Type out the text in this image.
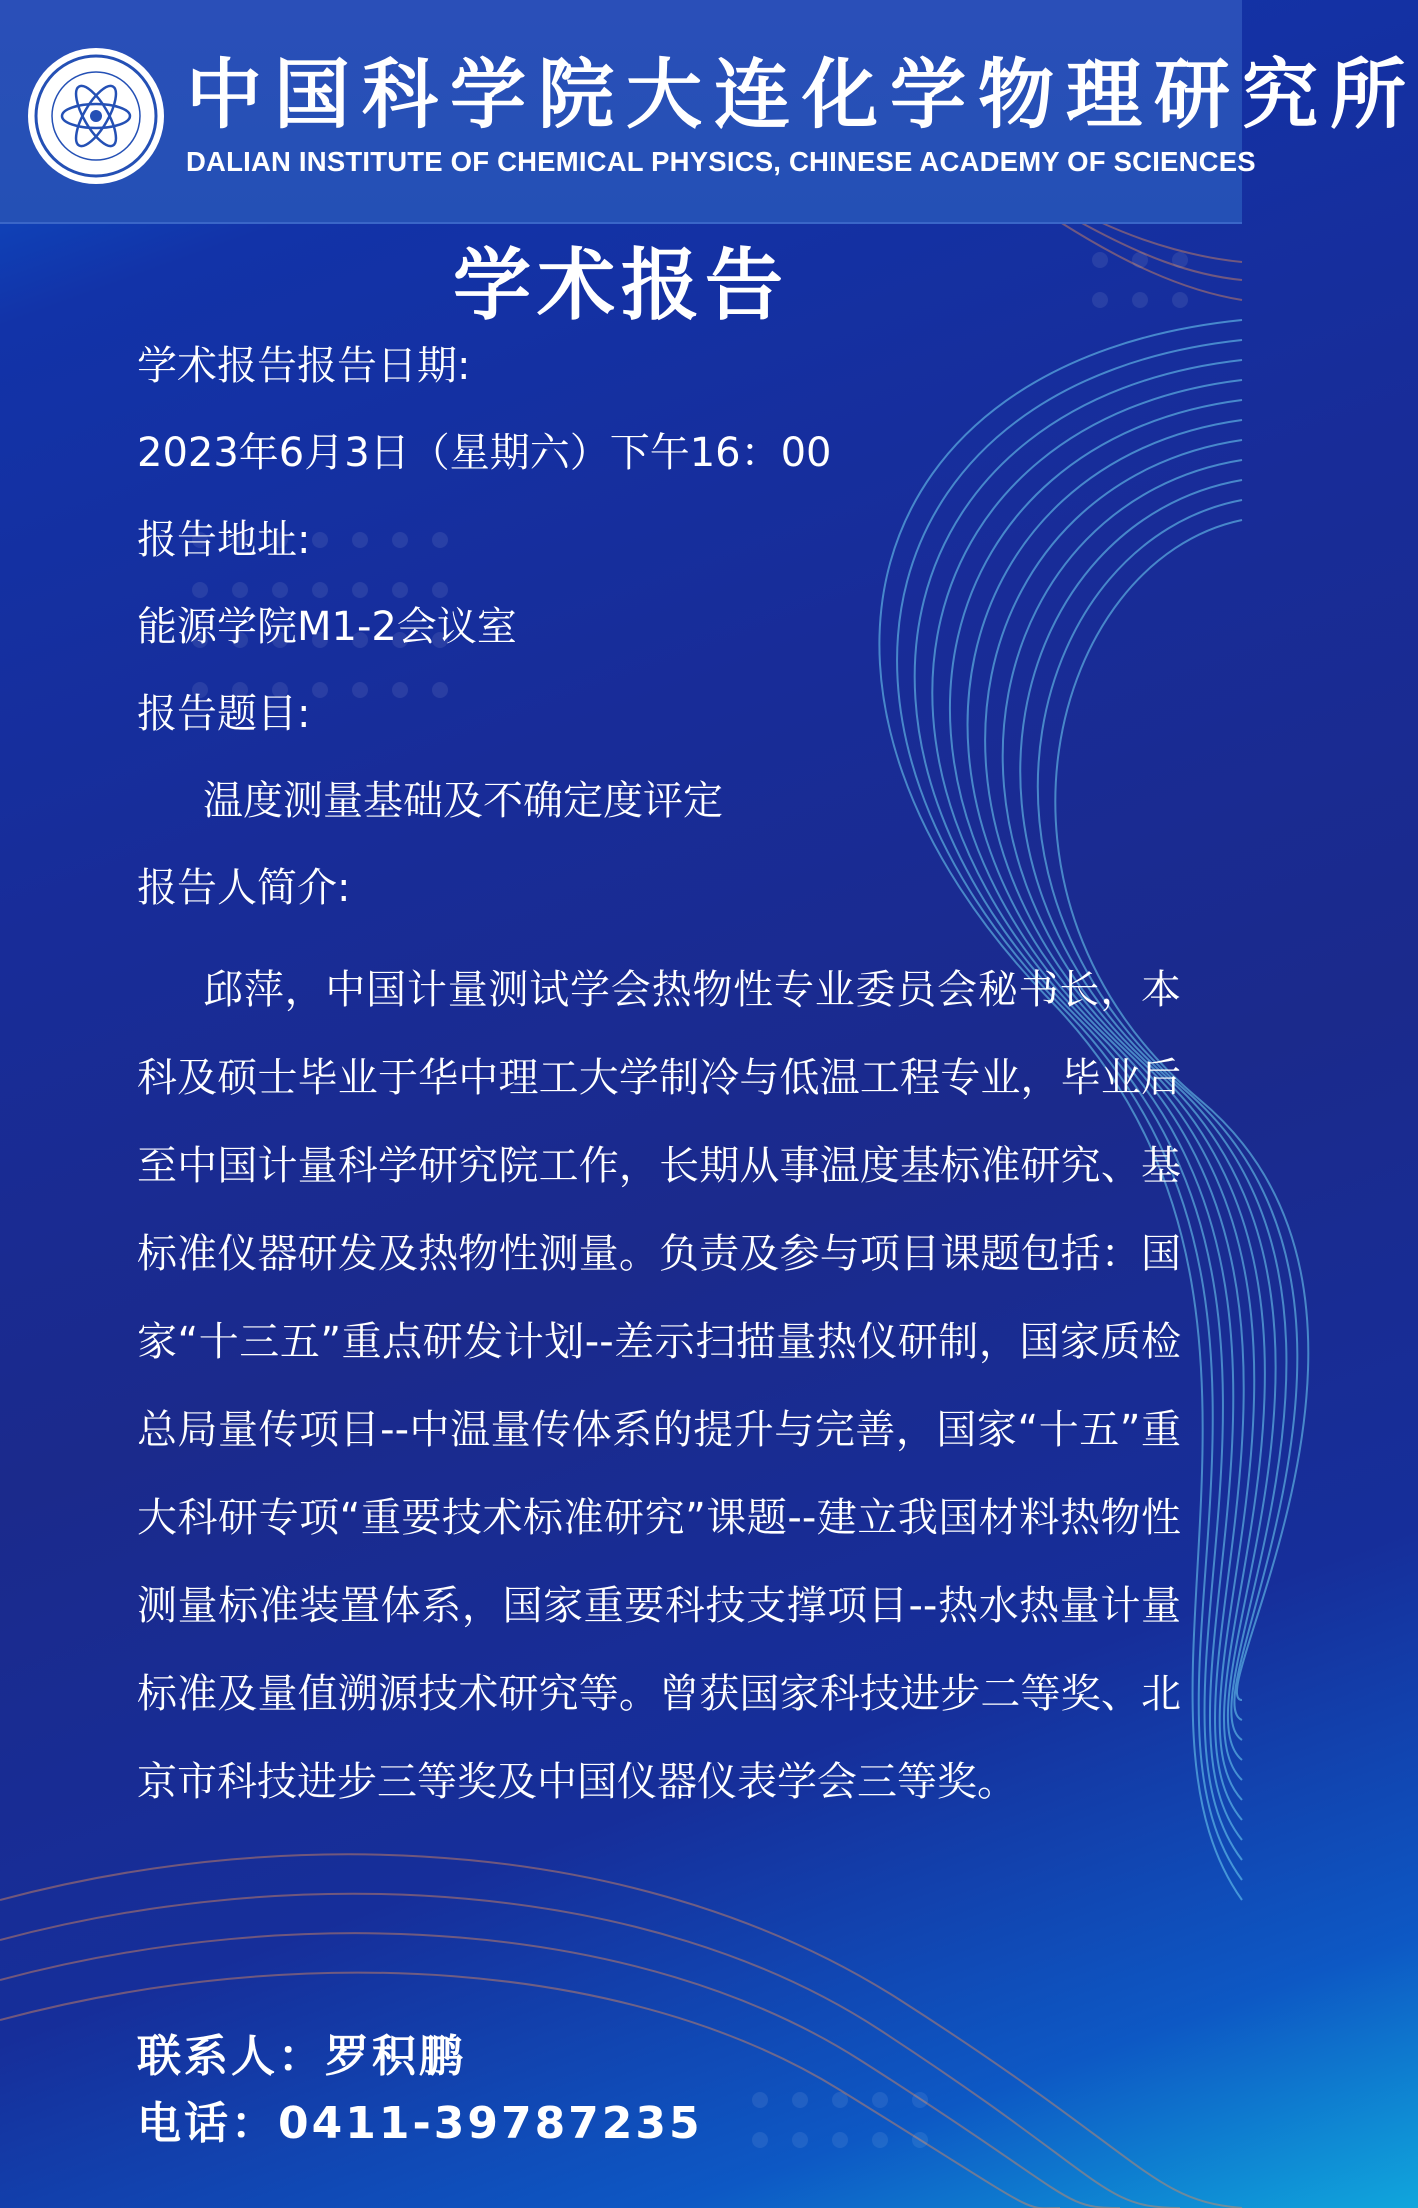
中国科学院大连化学物理研究所
DALIAN INSTITUTE OF CHEMICAL PHYSICS, CHINESE ACADEMY OF SCIENCES
学术报告
学术报告报告日期:
2023年6月3日（星期六）下午16：00
报告地址:
能源学院M1-2会议室
报告题目:
温度测量基础及不确定度评定
报告人简介:
邱萍，中国计量测试学会热物性专业委员会秘书长，本科及硕士毕业于华中理工大学制冷与低温工程专业，毕业后至中国计量科学研究院工作，长期从事温度基标准研究、基标准仪器研发及热物性测量。负责及参与项目课题包括：国家“十三五”重点研发计划--差示扫描量热仪研制，国家质检总局量传项目--中温量传体系的提升与完善，国家“十五”重大科研专项“重要技术标准研究”课题--建立我国材料热物性测量标准装置体系，国家重要科技支撑项目--热水热量计量标准及量值溯源技术研究等。曾获国家科技进步二等奖、北京市科技进步三等奖及中国仪器仪表学会三等奖。
联系人：罗积鹏
电话：0411-39787235
